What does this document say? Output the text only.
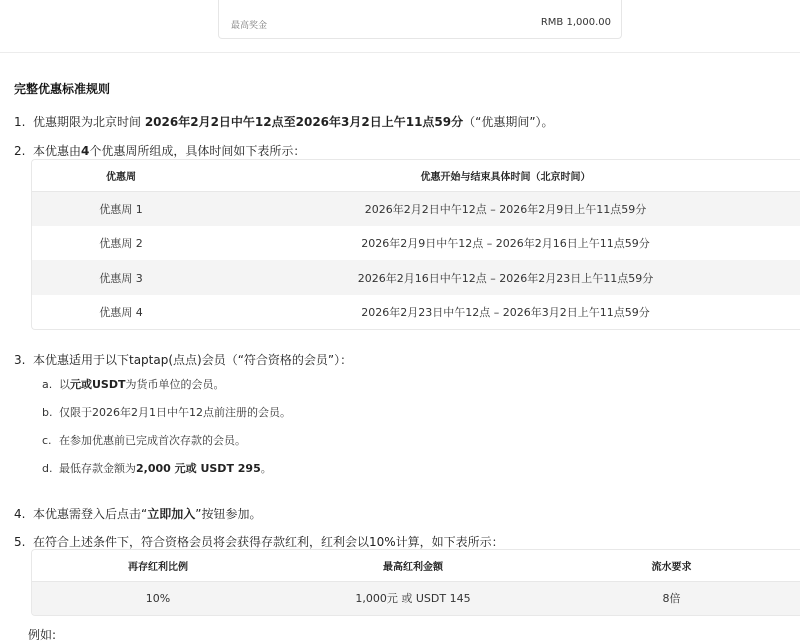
最高奖金	RMB 1,000.00
完整优惠标准规则
1. 优惠期限为北京时间 2026年2月2日中午12点至2026年3月2日上午11点59分（“优惠期间”）。
2. 本优惠由4个优惠周所组成，具体时间如下表所示：
优惠周	优惠开始与结束具体时间（北京时间）
优惠周 1	2026年2月2日中午12点 – 2026年2月9日上午11点59分
优惠周 2	2026年2月9日中午12点 – 2026年2月16日上午11点59分
优惠周 3	2026年2月16日中午12点 – 2026年2月23日上午11点59分
优惠周 4	2026年2月23日中午12点 – 2026年3月2日上午11点59分
3. 本优惠适用于以下taptap(点点)会员（“符合资格的会员”）：
a. 以元或USDT为货币单位的会员。
b. 仅限于2026年2月1日中午12点前注册的会员。
c. 在参加优惠前已完成首次存款的会员。
d. 最低存款金额为2,000 元或 USDT 295。
4. 本优惠需登入后点击“立即加入”按钮参加。
5. 在符合上述条件下，符合资格会员将会获得存款红利，红利会以10%计算，如下表所示：
再存红利比例	最高红利金额	流水要求
10%	1,000元 或 USDT 145	8倍
例如:
